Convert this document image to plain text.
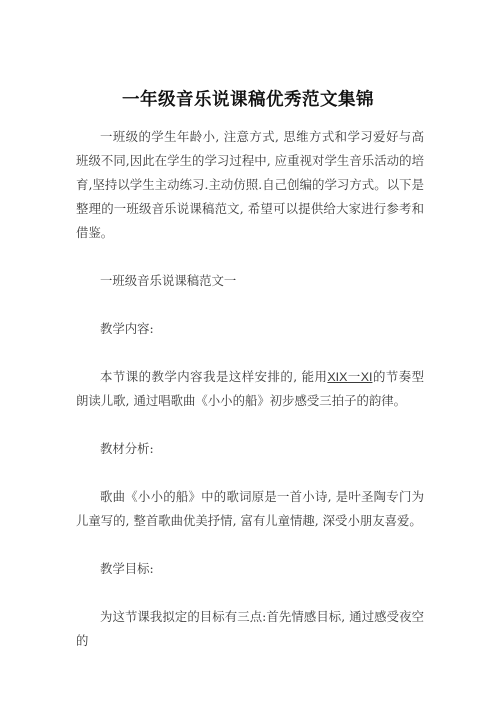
一年级音乐说课稿优秀范文集锦
一班级的学生年龄小, 注意方式, 思维方式和学习爱好与高班级不同,因此在学生的学习过程中, 应重视对学生音乐活动的培育,坚持以学生主动练习.主动仿照.自己创编的学习方式。以下是整理的一班级音乐说课稿范文, 希望可以提供给大家进行参考和借鉴。
一班级音乐说课稿范文一
教学内容:
本节课的教学内容我是这样安排的, 能用XIX一XI的节奏型朗读儿歌, 通过唱歌曲《小小的船》初步感受三拍子的韵律。
教材分析:
歌曲《小小的船》中的歌词原是一首小诗, 是叶圣陶专门为儿童写的, 整首歌曲优美抒情, 富有儿童情趣, 深受小朋友喜爱。
教学目标:
为这节课我拟定的目标有三点:首先情感目标, 通过感受夜空的
